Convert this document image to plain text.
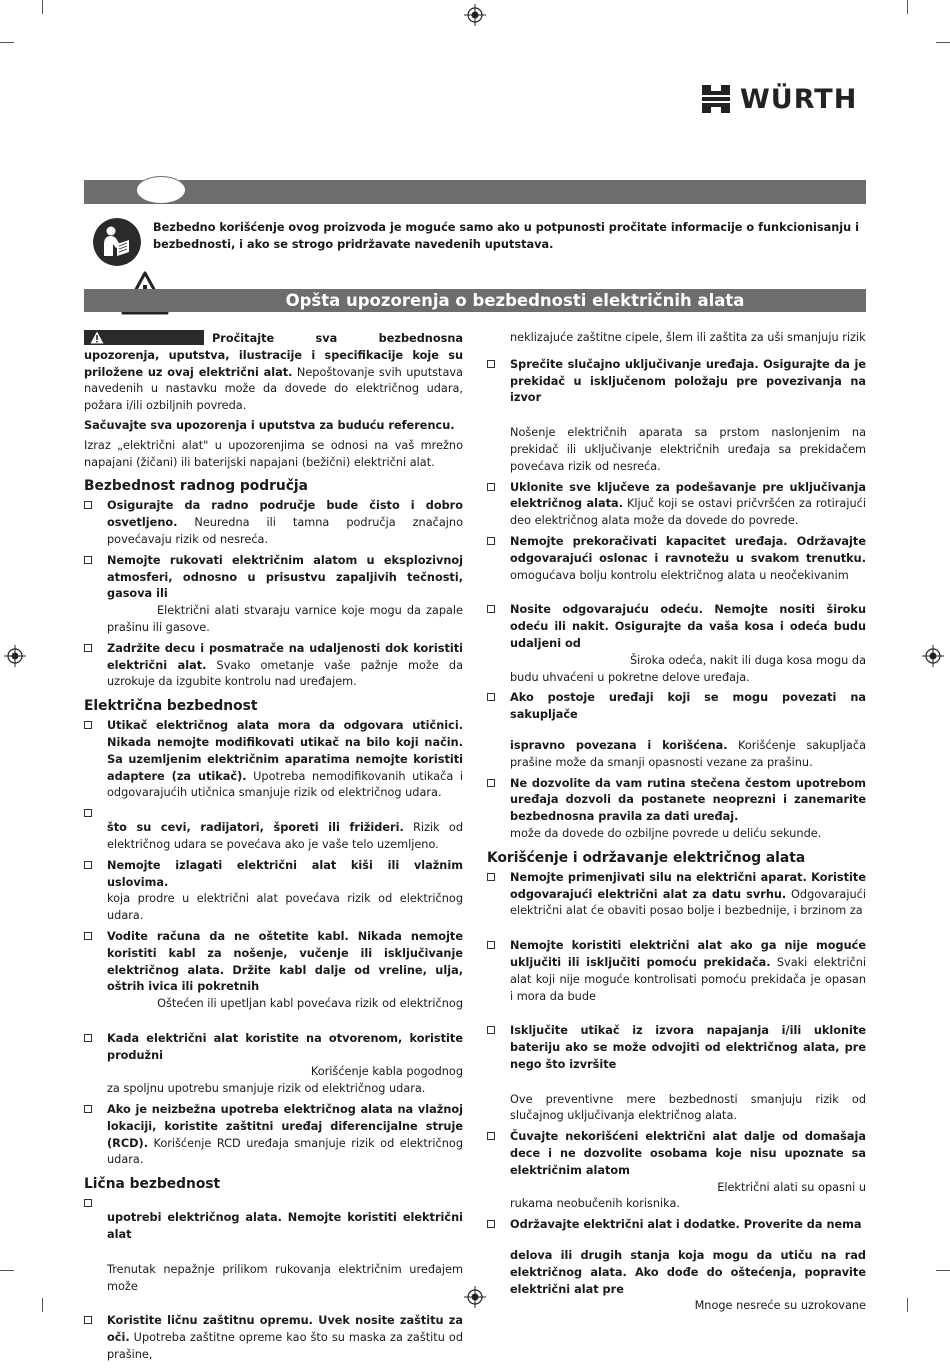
WÜRTH
Bezbedno korišćenje ovog proizvoda je moguće samo ako u potpunosti pročitate informacije o funkcionisanju i bezbednosti, i ako se strogo pridržavate navedenih uputstava.
Opšta upozorenja o bezbednosti električnih alata

Pročitajte sva bezbednosna upozorenja, uputstva, ilustracije i specifikacije koje su priložene uz ovaj električni alat. Nepoštovanje svih uputstava navedenih u nastavku može da dovede do električnog udara, požara i/ili ozbiljnih povreda.

Sačuvajte sva upozorenja i uputstva za buduću referencu.

Izraz „električni alat" u upozorenjima se odnosi na vaš mrežno napajani (žičani) ili baterijski napajani (bežični) električni alat.

Bezbednost radnog područja
Osigurajte da radno područje bude čisto i dobro osvetljeno. Neuredna ili tamna područja značajno povećavaju rizik od nesreća.
Nemojte rukovati električnim alatom u eksplozivnoj atmosferi, odnosno u prisustvu zapaljivih tečnosti, gasova ili
Električni alati stvaraju varnice koje mogu da zapale prašinu ili gasove.
Zadržite decu i posmatrače na udaljenosti dok koristiti električni alat. Svako ometanje vaše pažnje može da uzrokuje da izgubite kontrolu nad uređajem.
Električna bezbednost
Utikač električnog alata mora da odgovara utičnici. Nikada nemojte modifikovati utikač na bilo koji način. Sa uzemljenim električnim aparatima nemojte koristiti adaptere (za utikač). Upotreba nemodifikovanih utikača i odgovarajućih utičnica smanjuje rizik od električnog udara.
što su cevi, radijatori, šporeti ili frižideri. Rizik od električnog udara se povećava ako je vaše telo uzemljeno.
Nemojte izlagati električni alat kiši ili vlažnim uslovima.
koja prodre u električni alat povećava rizik od električnog udara.
Vodite računa da ne oštetite kabl. Nikada nemojte koristiti kabl za nošenje, vučenje ili isključivanje električnog alata. Držite kabl dalje od vreline, ulja, oštrih ivica ili pokretnih
Oštećen ili upetljan kabl povećava rizik od električnog
Kada električni alat koristite na otvorenom, koristite produžni
Korišćenje kabla pogodnog
za spoljnu upotrebu smanjuje rizik od električnog udara.
Ako je neizbežna upotreba električnog alata na vlažnoj lokaciji, koristite zaštitni uređaj diferencijalne struje (RCD). Korišćenje RCD uređaja smanjuje rizik od električnog udara.
Lična bezbednost
upotrebi električnog alata. Nemojte koristiti električni alat
Trenutak nepažnje prilikom rukovanja električnim uređajem može
Koristite ličnu zaštitnu opremu. Uvek nosite zaštitu za oči. Upotreba zaštitne opreme kao što su maska za zaštitu od prašine,

neklizajuće zaštitne cipele, šlem ili zaštita za uši smanjuju rizik

Sprečite slučajno uključivanje uređaja. Osigurajte da je prekidač u isključenom položaju pre povezivanja na izvor
Nošenje električnih aparata sa prstom naslonjenim na prekidač ili uključivanje električnih uređaja sa prekidačem povećava rizik od nesreća.
Uklonite sve ključeve za podešavanje pre uključivanja električnog alata. Ključ koji se ostavi pričvršćen za rotirajući deo električnog alata može da dovede do povrede.
Nemojte prekoračivati kapacitet uređaja. Održavajte odgovarajući oslonac i ravnotežu u svakom trenutku. omogućava bolju kontrolu električnog alata u neočekivanim
Nosite odgovarajuću odeću. Nemojte nositi široku odeću ili nakit. Osigurajte da vaša kosa i odeća budu udaljeni od
Široka odeća, nakit ili duga kosa mogu da
budu uhvaćeni u pokretne delove uređaja.
Ako postoje uređaji koji se mogu povezati na sakupljače
ispravno povezana i korišćena. Korišćenje sakupljača prašine može da smanji opasnosti vezane za prašinu.
Ne dozvolite da vam rutina stečena čestom upotrebom uređaja dozvoli da postanete neoprezni i zanemarite bezbednosna pravila za dati uređaj.
može da dovede do ozbiljne povrede u deliću sekunde.
Korišćenje i održavanje električnog alata
Nemojte primenjivati silu na električni aparat. Koristite odgovarajući električni alat za datu svrhu. Odgovarajući električni alat će obaviti posao bolje i bezbednije, i brzinom za
Nemojte koristiti električni alat ako ga nije moguće uključiti ili isključiti pomoću prekidača. Svaki električni alat koji nije moguće kontrolisati pomoću prekidača je opasan i mora da bude
Isključite utikač iz izvora napajanja i/ili uklonite bateriju ako se može odvojiti od električnog alata, pre nego što izvršite
Ove preventivne mere bezbednosti smanjuju rizik od slučajnog uključivanja električnog alata.
Čuvajte nekorišćeni električni alat dalje od domašaja dece i ne dozvolite osobama koje nisu upoznate sa električnim alatom
Električni alati su opasni u
rukama neobučenih korisnika.
Održavajte električni alat i dodatke. Proverite da nema
delova ili drugih stanja koja mogu da utiču na rad električnog alata. Ako dođe do oštećenja, popravite električni alat pre
Mnoge nesreće su uzrokovane
